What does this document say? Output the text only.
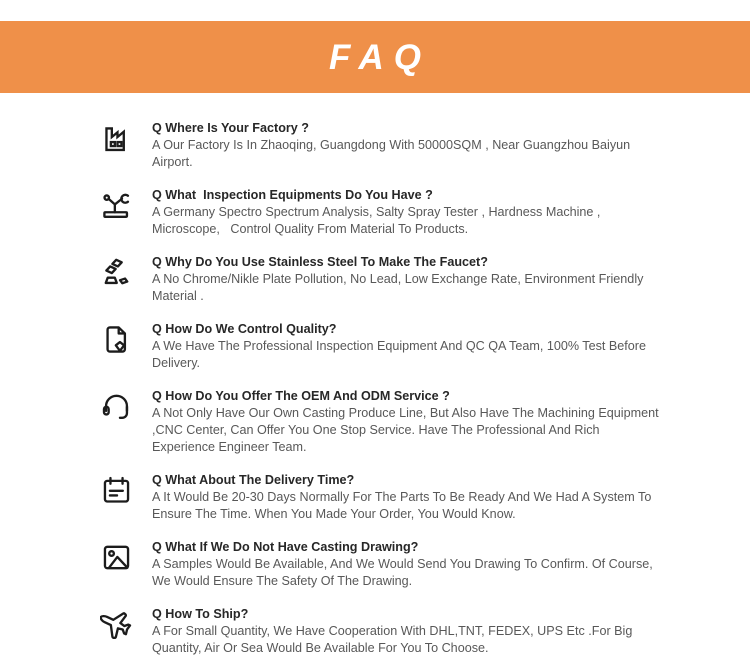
FAQ
Q Where Is Your Factory ?
A Our Factory Is In Zhaoqing, Guangdong With 50000SQM , Near Guangzhou Baiyun Airport.
Q What  Inspection Equipments Do You Have ?
A Germany Spectro Spectrum Analysis, Salty Spray Tester , Hardness Machine , Microscope,   Control Quality From Material To Products.
Q Why Do You Use Stainless Steel To Make The Faucet?
A No Chrome/Nikle Plate Pollution, No Lead, Low Exchange Rate, Environment Friendly Material .
Q How Do We Control Quality?
A We Have The Professional Inspection Equipment And QC QA Team, 100% Test Before Delivery.
Q How Do You Offer The OEM And ODM Service ?
A Not Only Have Our Own Casting Produce Line, But Also Have The Machining Equipment ,CNC Center, Can Offer You One Stop Service. Have The Professional And Rich Experience Engineer Team.
Q What About The Delivery Time?
A It Would Be 20-30 Days Normally For The Parts To Be Ready And We Had A System To Ensure The Time. When You Made Your Order, You Would Know.
Q What If We Do Not Have Casting Drawing?
A Samples Would Be Available, And We Would Send You Drawing To Confirm. Of Course, We Would Ensure The Safety Of The Drawing.
Q How To Ship?
A For Small Quantity, We Have Cooperation With DHL,TNT, FEDEX, UPS Etc .For Big Quantity, Air Or Sea Would Be Available For You To Choose.
